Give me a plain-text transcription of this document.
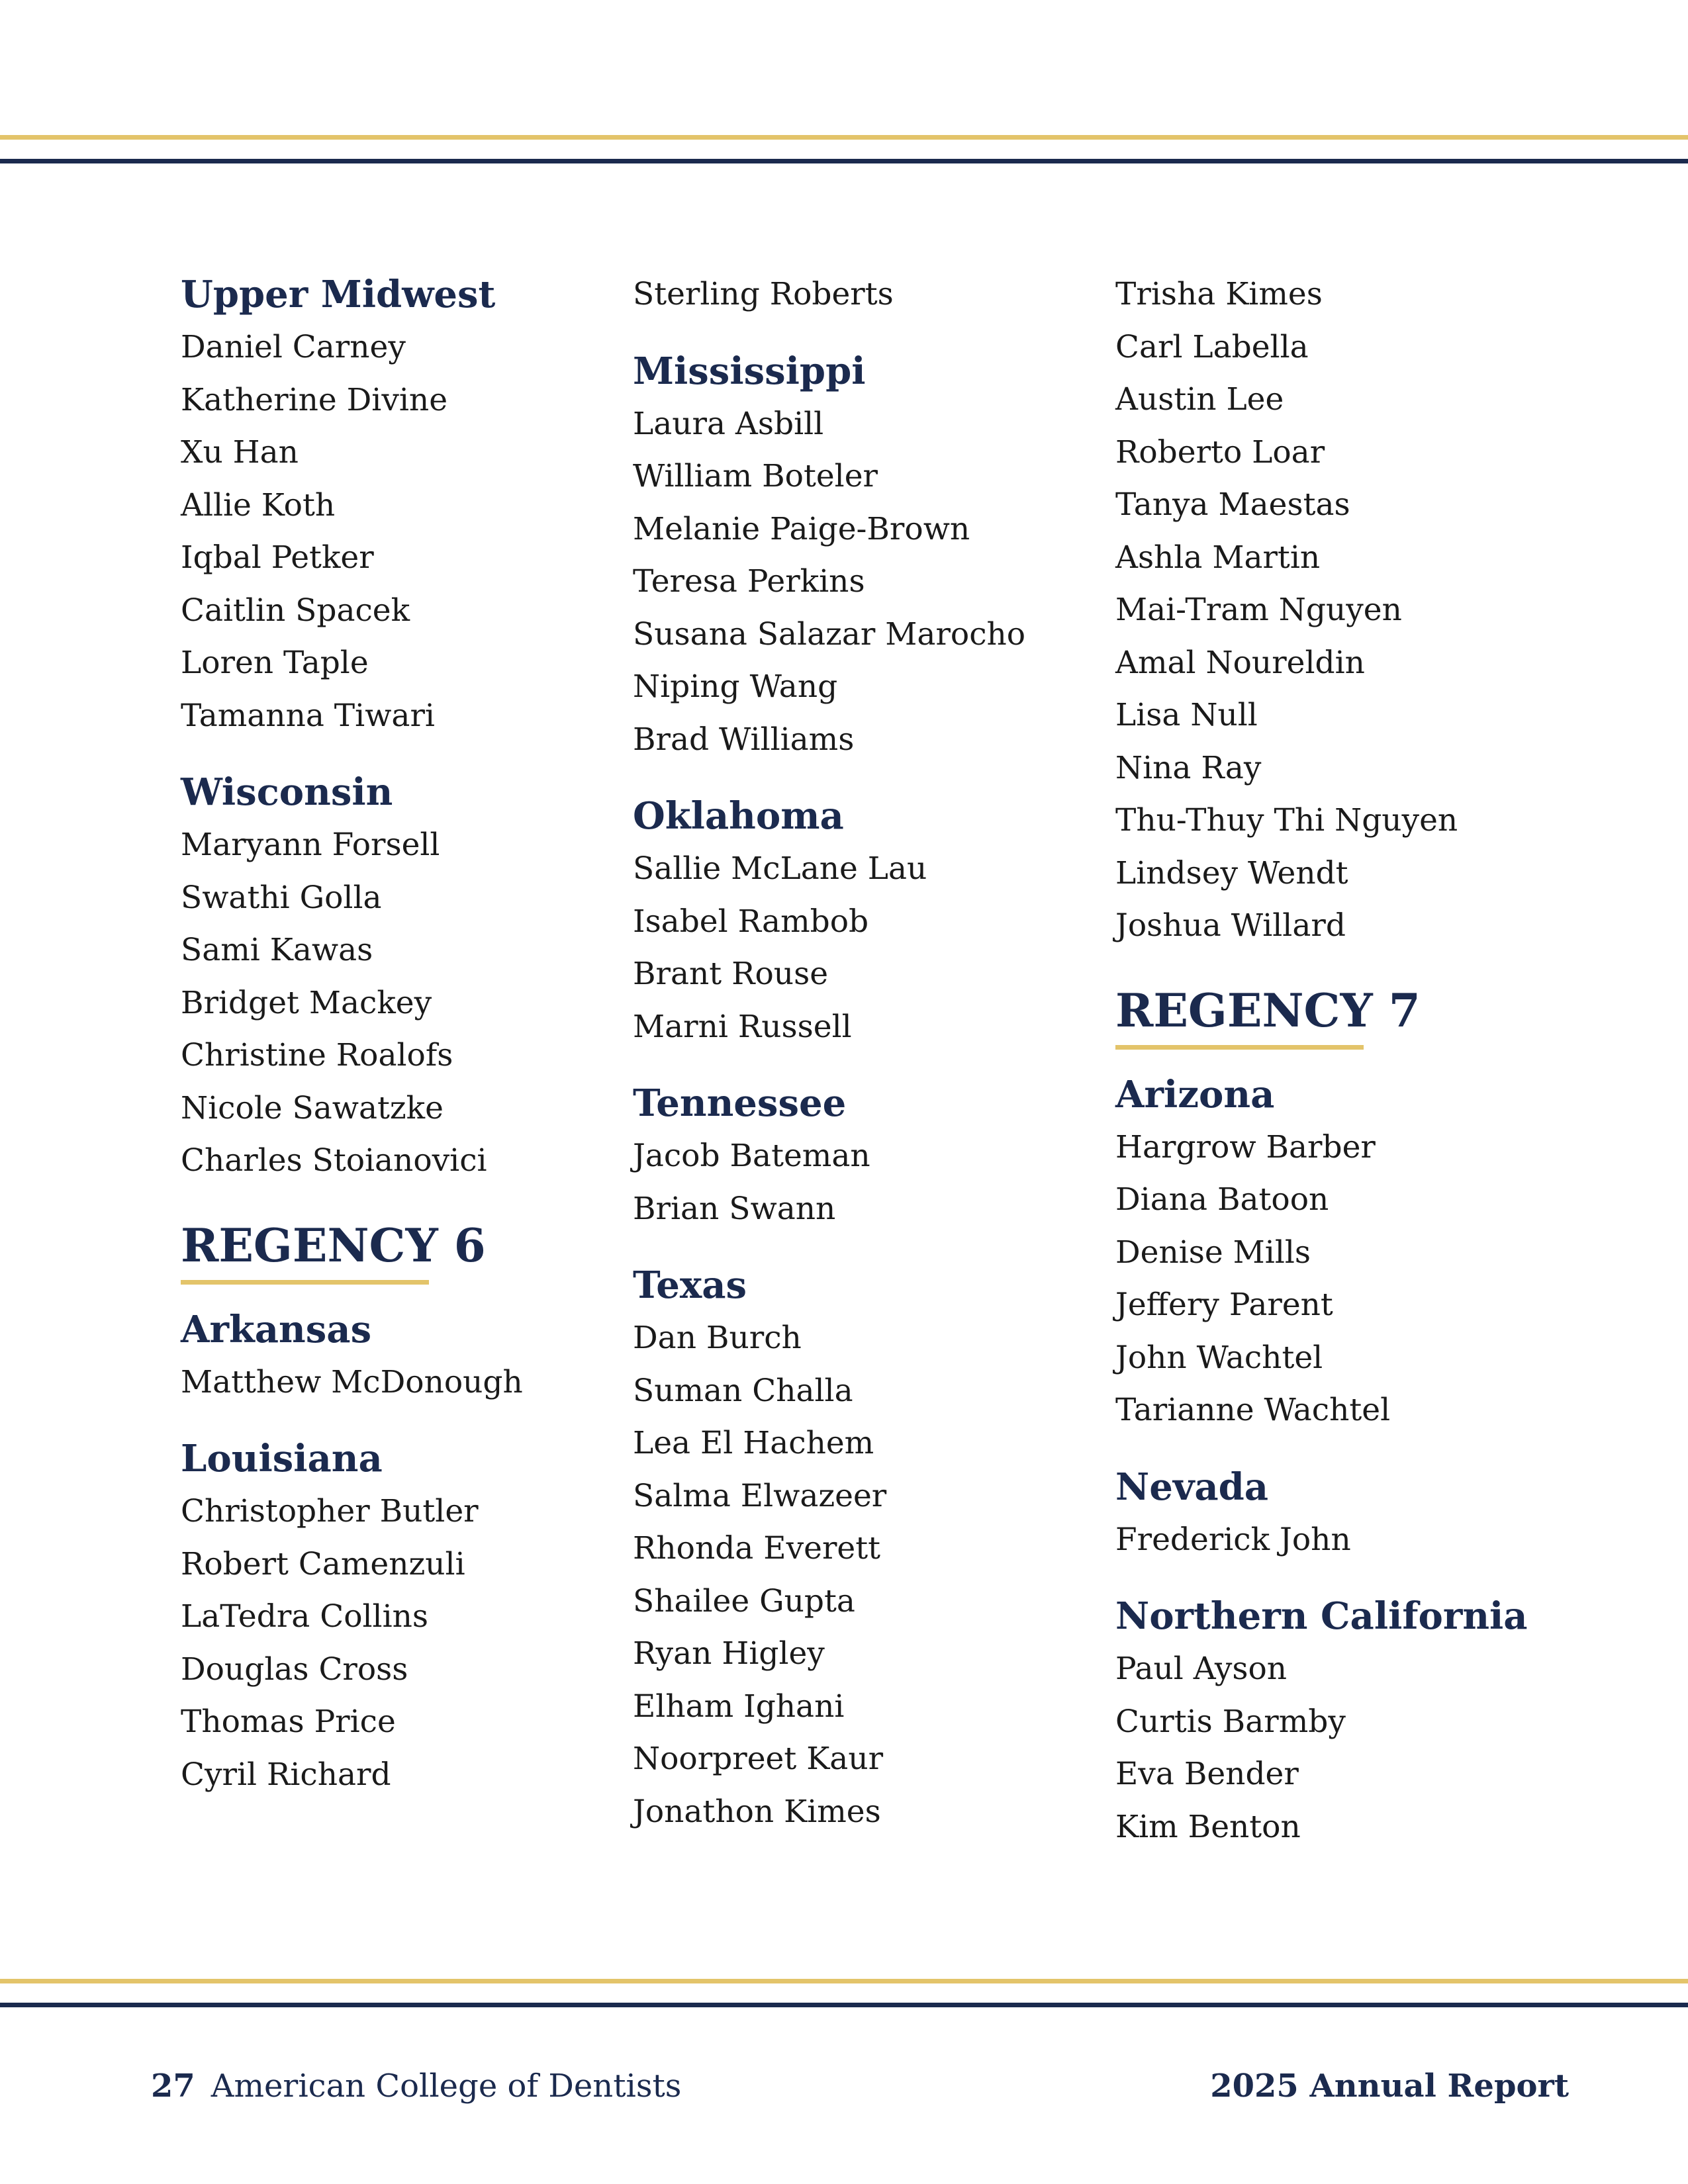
Upper Midwest
Daniel Carney
Katherine Divine
Xu Han
Allie Koth
Iqbal Petker
Caitlin Spacek
Loren Taple
Tamanna Tiwari
Wisconsin
Maryann Forsell
Swathi Golla
Sami Kawas
Bridget Mackey
Christine Roalofs
Nicole Sawatzke
Charles Stoianovici
REGENCY 6
Arkansas
Matthew McDonough
Louisiana
Christopher Butler
Robert Camenzuli
LaTedra Collins
Douglas Cross
Thomas Price
Cyril Richard
Sterling Roberts
Mississippi
Laura Asbill
William Boteler
Melanie Paige-Brown
Teresa Perkins
Susana Salazar Marocho
Niping Wang
Brad Williams
Oklahoma
Sallie McLane Lau
Isabel Rambob
Brant Rouse
Marni Russell
Tennessee
Jacob Bateman
Brian Swann
Texas
Dan Burch
Suman Challa
Lea El Hachem
Salma Elwazeer
Rhonda Everett
Shailee Gupta
Ryan Higley
Elham Ighani
Noorpreet Kaur
Jonathon Kimes
Trisha Kimes
Carl Labella
Austin Lee
Roberto Loar
Tanya Maestas
Ashla Martin
Mai-Tram Nguyen
Amal Noureldin
Lisa Null
Nina Ray
Thu-Thuy Thi Nguyen
Lindsey Wendt
Joshua Willard
REGENCY 7
Arizona
Hargrow Barber
Diana Batoon
Denise Mills
Jeffery Parent
John Wachtel
Tarianne Wachtel
Nevada
Frederick John
Northern California
Paul Ayson
Curtis Barmby
Eva Bender
Kim Benton
27 American College of Dentists	2025 Annual Report
